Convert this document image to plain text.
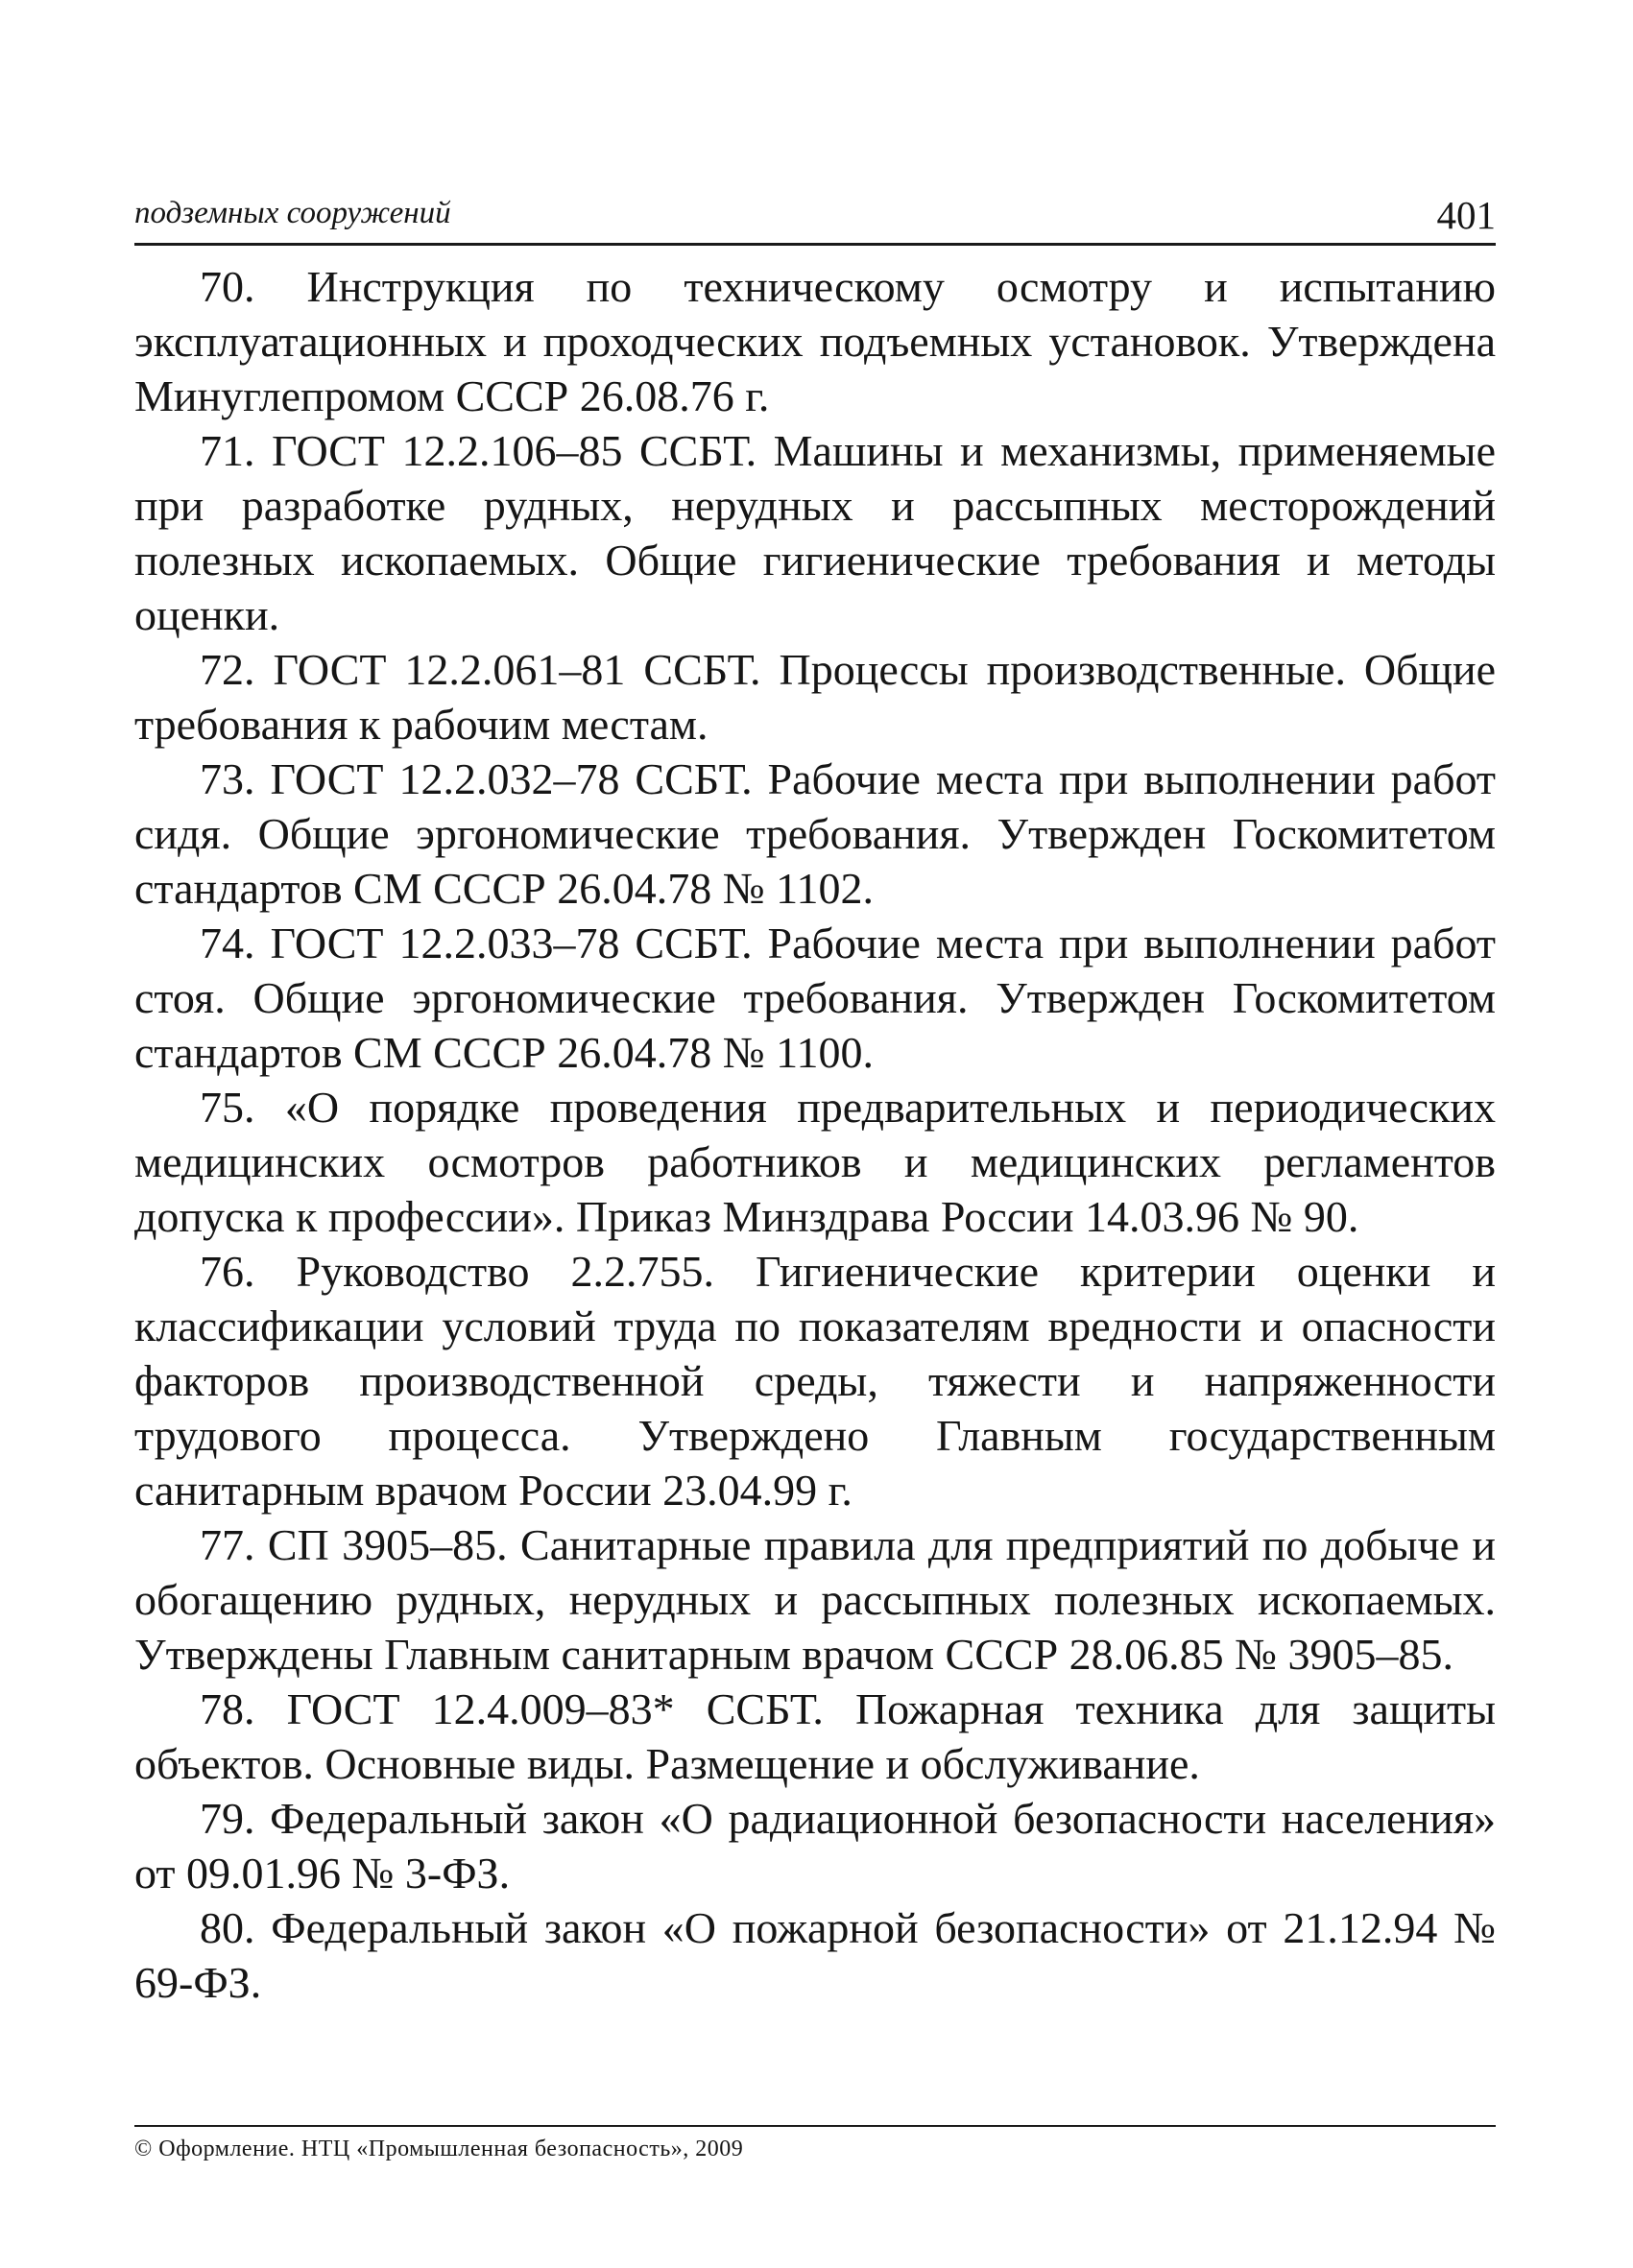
подземных сооружений	401

70. Инструкция по техническому осмотру и испытанию эксплуатационных и проходческих подъемных установок. Утверждена Минуглепромом СССР 26.08.76 г.

71. ГОСТ 12.2.106–85 ССБТ. Машины и механизмы, применяемые при разработке рудных, нерудных и рассыпных месторождений полезных ископаемых. Общие гигиенические требования и методы оценки.

72. ГОСТ 12.2.061–81 ССБТ. Процессы производственные. Общие требования к рабочим местам.

73. ГОСТ 12.2.032–78 ССБТ. Рабочие места при выполнении работ сидя. Общие эргономические требования. Утвержден Госкомитетом стандартов СМ СССР 26.04.78 № 1102.

74. ГОСТ 12.2.033–78 ССБТ. Рабочие места при выполнении работ стоя. Общие эргономические требования. Утвержден Госкомитетом стандартов СМ СССР 26.04.78 № 1100.

75. «О порядке проведения предварительных и периодических медицинских осмотров работников и медицинских регламентов допуска к профессии». Приказ Минздрава России 14.03.96 № 90.

76. Руководство 2.2.755. Гигиенические критерии оценки и классификации условий труда по показателям вредности и опасности факторов производственной среды, тяжести и напряженности трудового процесса. Утверждено Главным государственным санитарным врачом России 23.04.99 г.

77. СП 3905–85. Санитарные правила для предприятий по добыче и обогащению рудных, нерудных и рассыпных полезных ископаемых. Утверждены Главным санитарным врачом СССР 28.06.85 № 3905–85.

78. ГОСТ 12.4.009–83* ССБТ. Пожарная техника для защиты объектов. Основные виды. Размещение и обслуживание.

79. Федеральный закон «О радиационной безопасности населения» от 09.01.96 № 3-ФЗ.

80. Федеральный закон «О пожарной безопасности» от 21.12.94 № 69-ФЗ.

© Оформление. НТЦ «Промышленная безопасность», 2009
